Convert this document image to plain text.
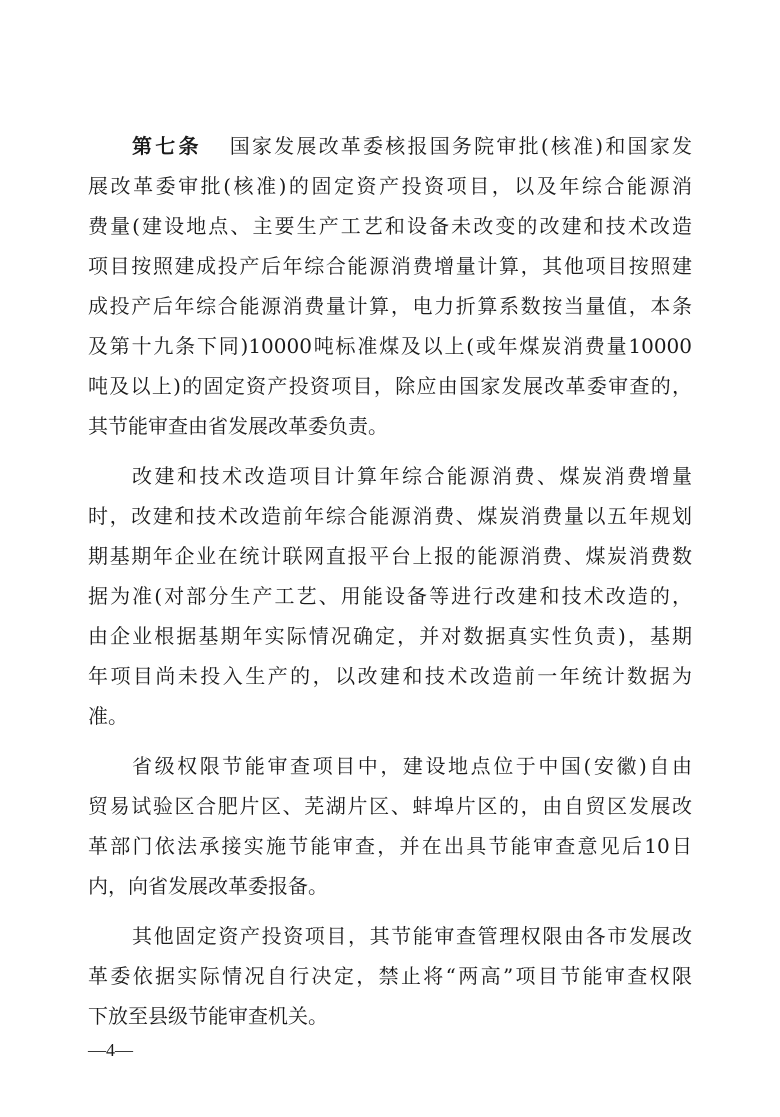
第七条 国家发展改革委核报国务院审批(核准)和国家发
展改革委审批(核准)的固定资产投资项目，以及年综合能源消
费量(建设地点、主要生产工艺和设备未改变的改建和技术改造
项目按照建成投产后年综合能源消费增量计算，其他项目按照建
成投产后年综合能源消费量计算，电力折算系数按当量值，本条
及第十九条下同)10000吨标准煤及以上(或年煤炭消费量10000
吨及以上)的固定资产投资项目，除应由国家发展改革委审查的，
其节能审查由省发展改革委负责。
改建和技术改造项目计算年综合能源消费、煤炭消费增量
时，改建和技术改造前年综合能源消费、煤炭消费量以五年规划
期基期年企业在统计联网直报平台上报的能源消费、煤炭消费数
据为准(对部分生产工艺、用能设备等进行改建和技术改造的，
由企业根据基期年实际情况确定，并对数据真实性负责)，基期
年项目尚未投入生产的，以改建和技术改造前一年统计数据为
准。
省级权限节能审查项目中，建设地点位于中国(安徽)自由
贸易试验区合肥片区、芜湖片区、蚌埠片区的，由自贸区发展改
革部门依法承接实施节能审查，并在出具节能审查意见后10日
内，向省发展改革委报备。
其他固定资产投资项目，其节能审查管理权限由各市发展改
革委依据实际情况自行决定，禁止将“两高”项目节能审查权限
下放至县级节能审查机关。
—4—
